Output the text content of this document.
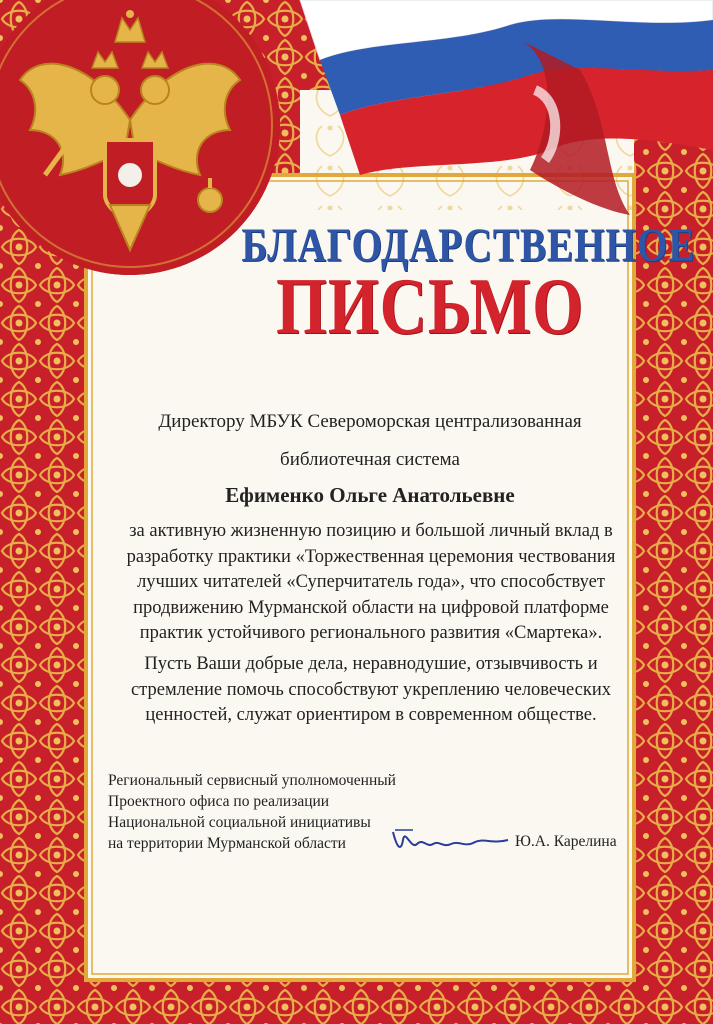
БЛАГОДАРСТВЕННОЕ
ПИСЬМО
Директору МБУК Североморская централизованная
библиотечная система
Ефименко Ольге Анатольевне
за активную жизненную позицию и большой личный вклад в разработку практики «Торжественная церемония чествования лучших читателей «Суперчитатель года», что способствует продвижению Мурманской области на цифровой платформе практик устойчивого регионального развития «Смартека».
Пусть Ваши добрые дела, неравнодушие, отзывчивость и стремление помочь способствуют укреплению человеческих ценностей, служат ориентиром в современном обществе.
Региональный сервисный уполномоченный
Проектного офиса по реализации
Национальной социальной инициативы
на территории Мурманской области	Ю.А. Карелина
